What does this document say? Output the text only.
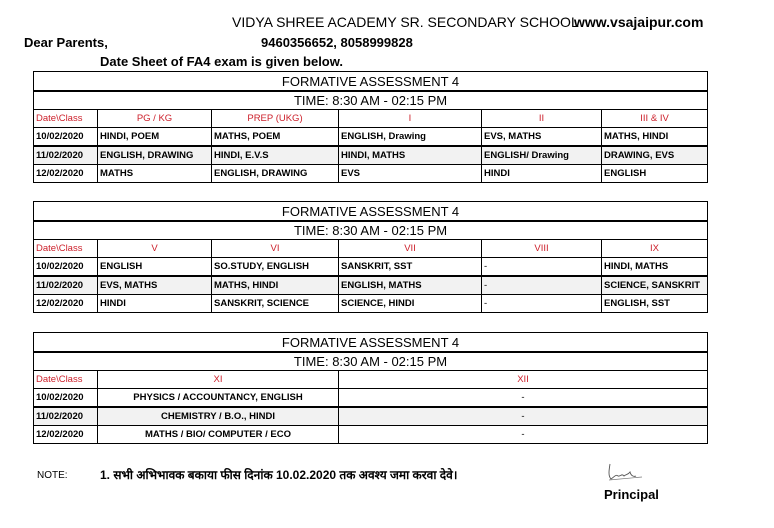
VIDYA SHREE ACADEMY SR. SECONDARY SCHOOL
www.vsajaipur.com
Dear Parents,	9460356652, 8058999828
Date Sheet of FA4 exam is given below.
FORMATIVE ASSESSMENT 4					
TIME: 8:30 AM - 02:15 PM					
Date\Class	PG / KG	PREP (UKG)	I	II	III & IV
10/02/2020	HINDI, POEM	MATHS, POEM	ENGLISH, Drawing	EVS, MATHS	MATHS, HINDI
11/02/2020	ENGLISH, DRAWING	HINDI, E.V.S	HINDI, MATHS	ENGLISH/ Drawing	DRAWING, EVS
12/02/2020	MATHS	ENGLISH, DRAWING	EVS	HINDI	ENGLISH
FORMATIVE ASSESSMENT 4					
TIME: 8:30 AM - 02:15 PM					
Date\Class	V	VI	VII	VIII	IX
10/02/2020	ENGLISH	SO.STUDY, ENGLISH	SANSKRIT, SST	-	HINDI, MATHS
11/02/2020	EVS, MATHS	MATHS, HINDI	ENGLISH, MATHS	-	SCIENCE, SANSKRIT
12/02/2020	HINDI	SANSKRIT, SCIENCE	SCIENCE, HINDI	-	ENGLISH, SST
FORMATIVE ASSESSMENT 4		
TIME: 8:30 AM - 02:15 PM		
Date\Class	XI	XII
10/02/2020	PHYSICS / ACCOUNTANCY, ENGLISH	-
11/02/2020	CHEMISTRY / B.O., HINDI	-
12/02/2020	MATHS / BIO/ COMPUTER / ECO	-
NOTE:	1. सभी अभिभावक बकाया फीस दिनांक 10.02.2020 तक अवश्य जमा करवा देवे।
Principal
